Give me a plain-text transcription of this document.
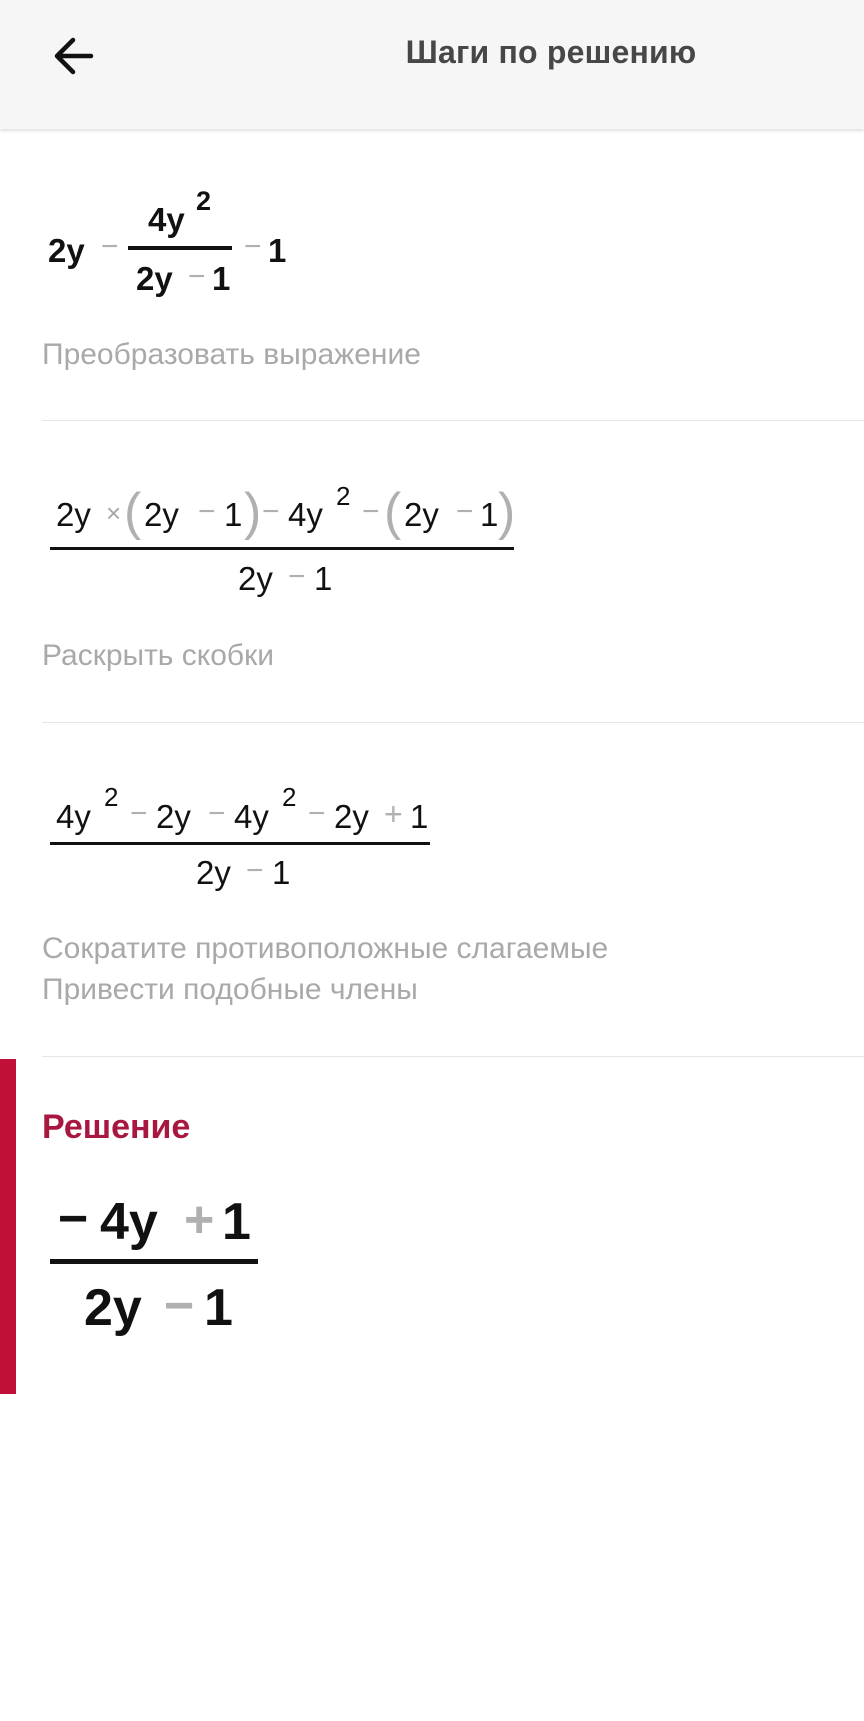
Шаги по решению
2y −
4y 2
2y − 1
− 1
Преобразовать выражение
2y × ( 2y − 1 ) − 4y 2 − ( 2y − 1 )
2y − 1
Раскрыть скобки
4y
2 − 2y − 4y
2 − 2y + 1
2y − 1
Сократите противоположные слагаемые
Привести подобные члены
Решение
− 4y + 1
2y − 1
